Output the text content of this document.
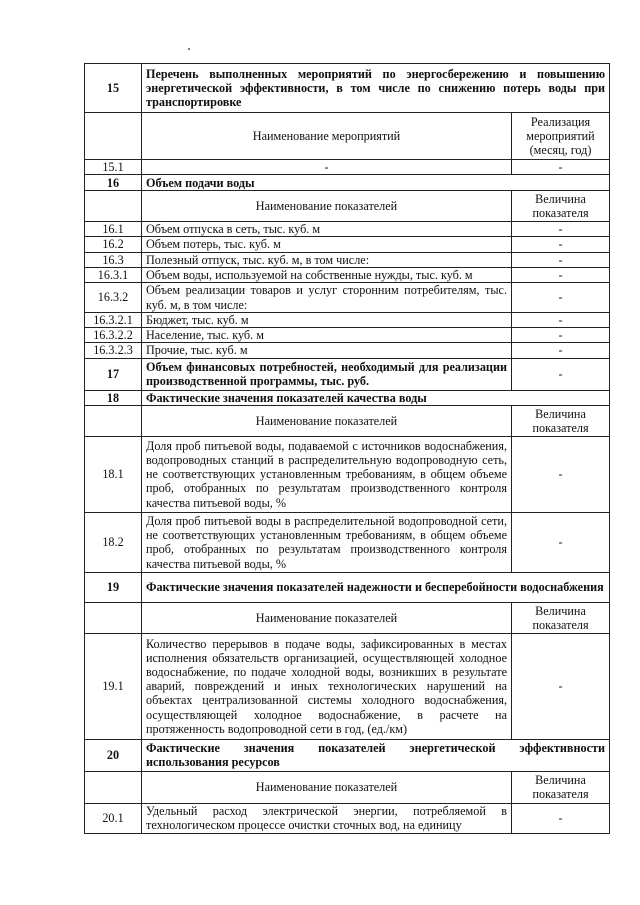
15	Перечень выполненных мероприятий по энергосбережению и повышению энергетической эффективности, в том числе по снижению потерь воды при транспортировке	
	Наименование мероприятий	Реализация мероприятий (месяц, год)
15.1	-	-
16	Объем подачи воды	
	Наименование показателей	Величина показателя
16.1	Объем отпуска в сеть, тыс. куб. м	-
16.2	Объем потерь, тыс. куб. м	-
16.3	Полезный отпуск, тыс. куб. м, в том числе:	-
16.3.1	Объем воды, используемой на собственные нужды, тыс. куб. м	-
16.3.2	Объем реализации товаров и услуг сторонним потребителям, тыс. куб. м, в том числе:	-
16.3.2.1	Бюджет, тыс. куб. м	-
16.3.2.2	Население, тыс. куб. м	-
16.3.2.3	Прочие, тыс. куб. м	-
17	Объем финансовых потребностей, необходимый для реализации производственной программы, тыс. руб.	-
18	Фактические значения показателей качества воды	
	Наименование показателей	Величина показателя
18.1	Доля проб питьевой воды, подаваемой с источников водоснабжения, водопроводных станций в распределительную водопроводную сеть, не соответствующих установленным требованиям, в общем объеме проб, отобранных по результатам производственного контроля качества питьевой воды, %	-
18.2	Доля проб питьевой воды в распределительной водопроводной сети, не соответствующих установленным требованиям, в общем объеме проб, отобранных по результатам производственного контроля качества питьевой воды, %	-
19	Фактические значения показателей надежности и бесперебойности водоснабжения	
	Наименование показателей	Величина показателя
19.1	Количество перерывов в подаче воды, зафиксированных в местах исполнения обязательств организацией, осуществляющей холодное водоснабжение, по подаче холодной воды, возникших в результате аварий, повреждений и иных технологических нарушений на объектах централизованной системы холодного водоснабжения, осуществляющей холодное водоснабжение, в расчете на протяженность водопроводной сети в год, (ед./км)	-
20	Фактические значения показателей энергетической эффективности использования ресурсов	
	Наименование показателей	Величина показателя
20.1	Удельный расход электрической энергии, потребляемой в технологическом процессе очистки сточных вод, на единицу	-
